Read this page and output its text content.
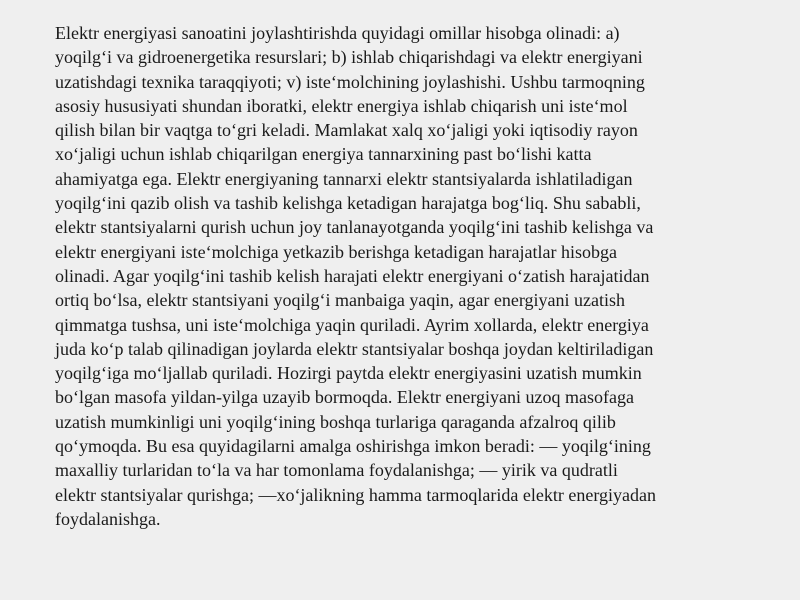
Elektr energiyasi sanoatini joylashtirishda quyidagi omillar hisobga olinadi: a)
yoqilg‘i va gidroenergetika resurslari; b) ishlab chiqarishdagi va elektr energiyani
uzatishdagi texnika taraqqiyoti; v) iste‘molchining joylashishi. Ushbu tarmoqning
asosiy hususiyati shundan iboratki, elektr energiya ishlab chiqarish uni iste‘mol
qilish bilan bir vaqtga to‘gri keladi. Mamlakat xalq xo‘jaligi yoki iqtisodiy rayon
xo‘jaligi uchun ishlab chiqarilgan energiya tannarxining past bo‘lishi katta
ahamiyatga ega. Elektr energiyaning tannarxi elektr stantsiyalarda ishlatiladigan
yoqilg‘ini qazib olish va tashib kelishga ketadigan harajatga bog‘liq. Shu sababli,
elektr stantsiyalarni qurish uchun joy tanlanayotganda yoqilg‘ini tashib kelishga va
elektr energiyani iste‘molchiga yetkazib berishga ketadigan harajatlar hisobga
olinadi. Agar yoqilg‘ini tashib kelish harajati elektr energiyani o‘zatish harajatidan
ortiq bo‘lsa, elektr stantsiyani yoqilg‘i manbaiga yaqin, agar energiyani uzatish
qimmatga tushsa, uni iste‘molchiga yaqin quriladi. Ayrim xollarda, elektr energiya
juda ko‘p talab qilinadigan joylarda elektr stantsiyalar boshqa joydan keltiriladigan
yoqilg‘iga mo‘ljallab quriladi. Hozirgi paytda elektr energiyasini uzatish mumkin
bo‘lgan masofa yildan-yilga uzayib bormoqda. Elektr energiyani uzoq masofaga
uzatish mumkinligi uni yoqilg‘ining boshqa turlariga qaraganda afzalroq qilib
qo‘ymoqda. Bu esa quyidagilarni amalga oshirishga imkon beradi: — yoqilg‘ining
maxalliy turlaridan to‘la va har tomonlama foydalanishga; — yirik va qudratli
elektr stantsiyalar qurishga; —xo‘jalikning hamma tarmoqlarida elektr energiyadan
foydalanishga.
